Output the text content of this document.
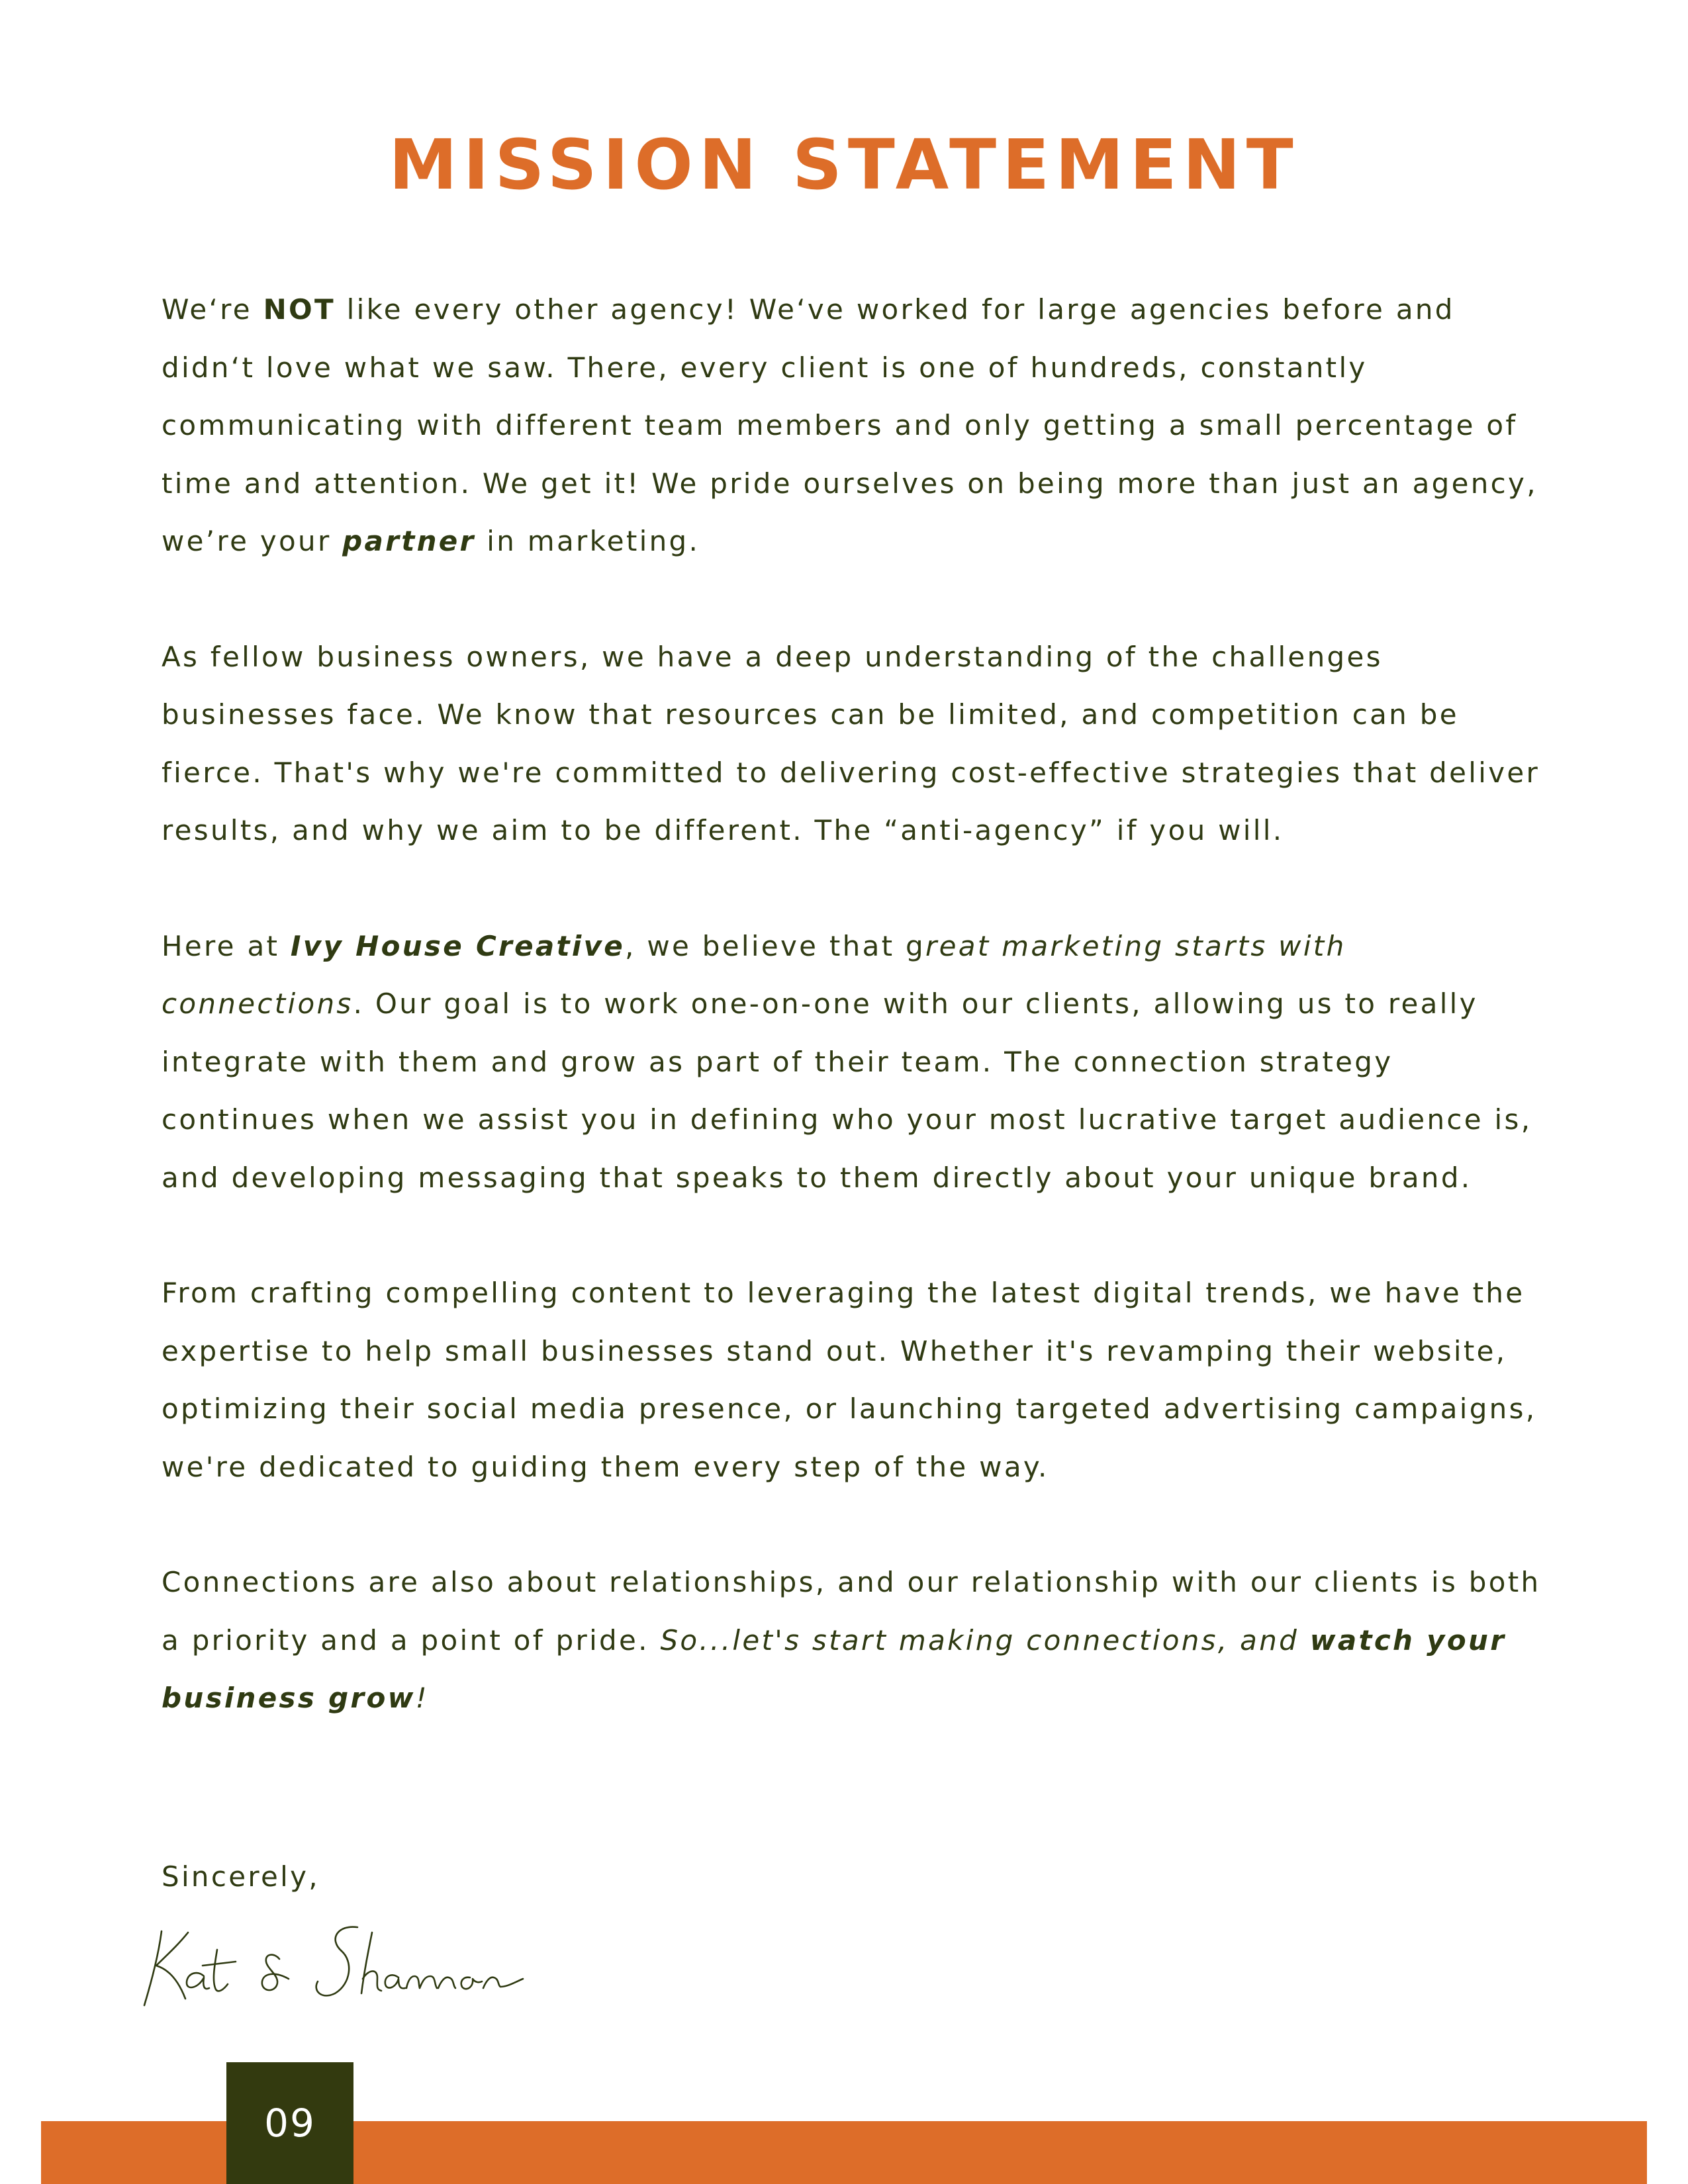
MISSION STATEMENT

We‘re NOT like every other agency! We‘ve worked for large agencies before and didn‘t love what we saw. There, every client is one of hundreds, constantly communicating with different team members and only getting a small percentage of time and attention. We get it! We pride ourselves on being more than just an agency, we’re your partner in marketing.

As fellow business owners, we have a deep understanding of the challenges businesses face. We know that resources can be limited, and competition can be fierce. That's why we're committed to delivering cost-effective strategies that deliver results, and why we aim to be different. The “anti-agency” if you will.

Here at Ivy House Creative, we believe that great marketing starts with connections. Our goal is to work one-on-one with our clients, allowing us to really integrate with them and grow as part of their team. The connection strategy continues when we assist you in defining who your most lucrative target audience is, and developing messaging that speaks to them directly about your unique brand.

From crafting compelling content to leveraging the latest digital trends, we have the expertise to help small businesses stand out. Whether it's revamping their website, optimizing their social media presence, or launching targeted advertising campaigns, we're dedicated to guiding them every step of the way.

Connections are also about relationships, and our relationship with our clients is both a priority and a point of pride. So...let's start making connections, and watch your business grow!

Sincerely,
09
